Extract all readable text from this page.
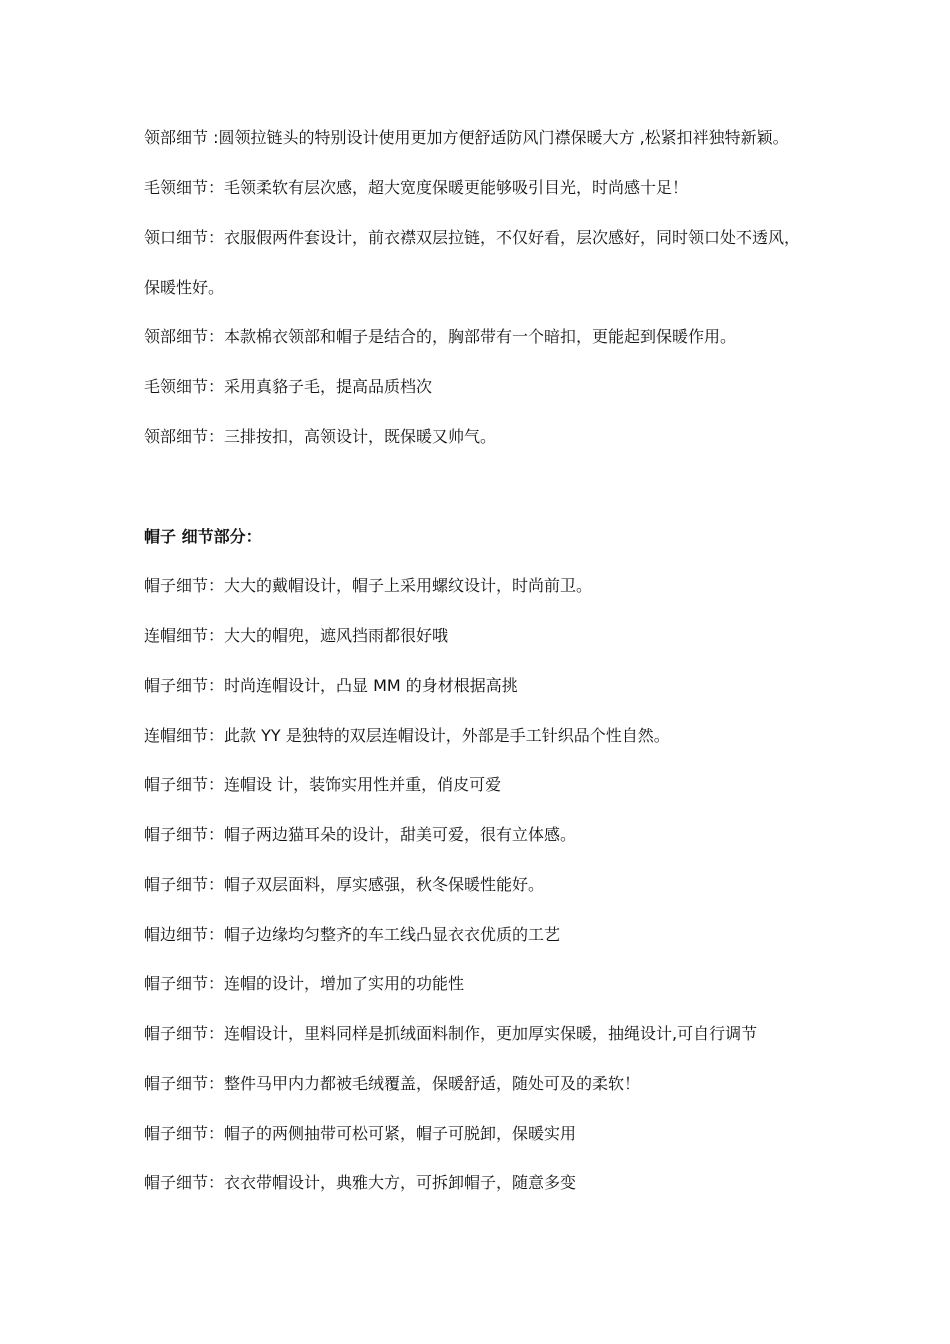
领部细节 :圆领拉链头的特别设计使用更加方便舒适防风门襟保暖大方 ,松紧扣袢独特新颖。
毛领细节：毛领柔软有层次感，超大宽度保暖更能够吸引目光，时尚感十足！
领口细节：衣服假两件套设计，前衣襟双层拉链，不仅好看，层次感好，同时领口处不透风，
保暖性好。
领部细节：本款棉衣领部和帽子是结合的，胸部带有一个暗扣，更能起到保暖作用。
毛领细节：采用真貉子毛，提高品质档次
领部细节：三排按扣，高领设计，既保暖又帅气。
帽子 细节部分：
帽子细节：大大的戴帽设计，帽子上采用螺纹设计，时尚前卫。
连帽细节：大大的帽兜，遮风挡雨都很好哦
帽子细节：时尚连帽设计，凸显 MM 的身材根据高挑
连帽细节：此款 YY 是独特的双层连帽设计，外部是手工针织品个性自然。
帽子细节：连帽设 计，装饰实用性并重，俏皮可爱
帽子细节：帽子两边猫耳朵的设计，甜美可爱，很有立体感。
帽子细节：帽子双层面料，厚实感强，秋冬保暖性能好。
帽边细节：帽子边缘均匀整齐的车工线凸显衣衣优质的工艺
帽子细节：连帽的设计，增加了实用的功能性
帽子细节：连帽设计，里料同样是抓绒面料制作，更加厚实保暖，抽绳设计,可自行调节
帽子细节：整件马甲内力都被毛绒覆盖，保暖舒适，随处可及的柔软！
帽子细节：帽子的两侧抽带可松可紧，帽子可脱卸，保暖实用
帽子细节：衣衣带帽设计，典雅大方，可拆卸帽子，随意多变
